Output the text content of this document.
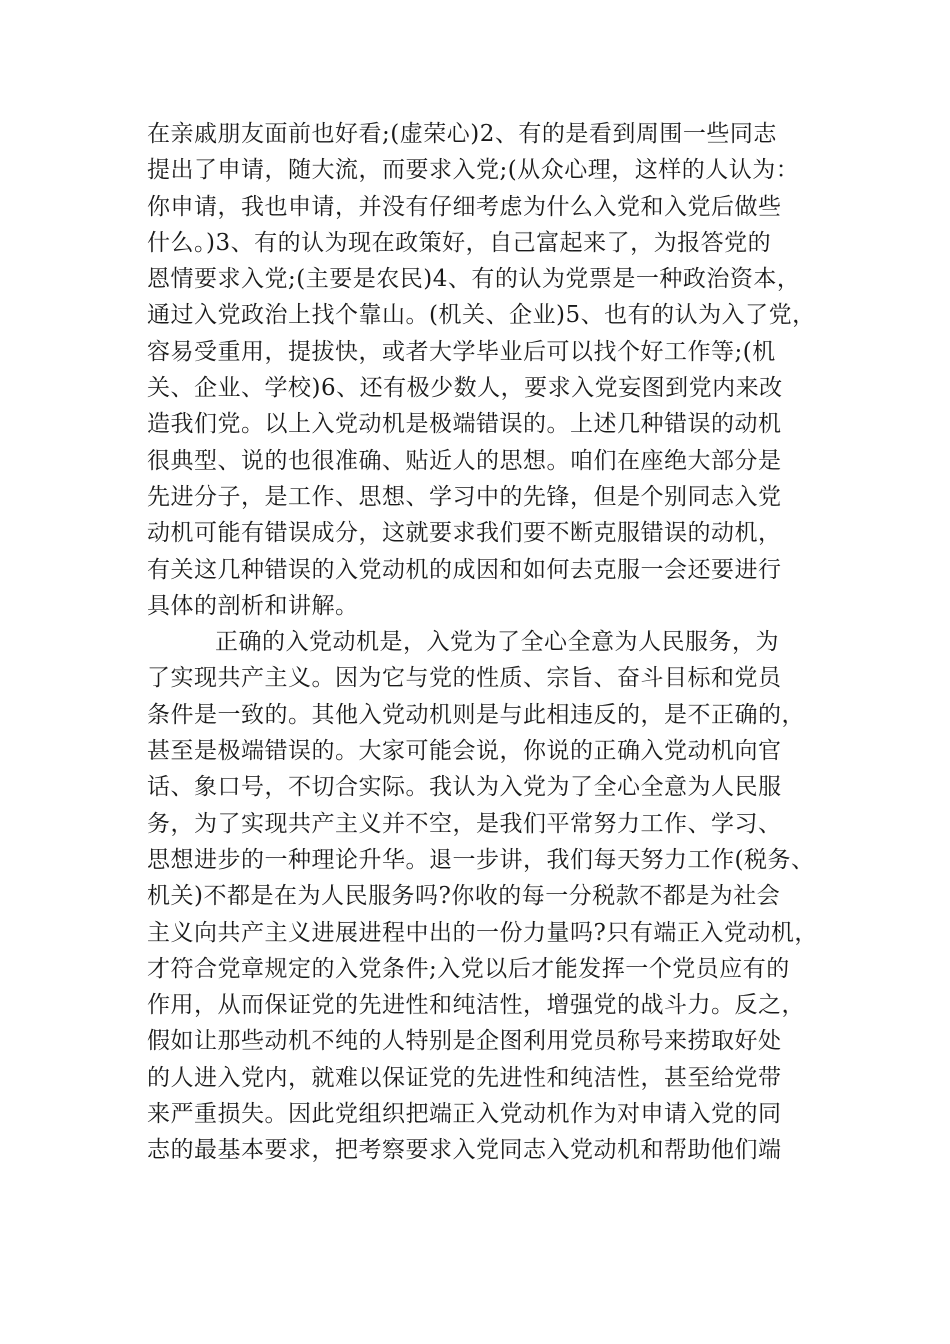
在亲戚朋友面前也好看;(虚荣心)2、有的是看到周围一些同志
提出了申请，随大流，而要求入党;(从众心理，这样的人认为：
你申请，我也申请，并没有仔细考虑为什么入党和入党后做些
什么。)3、有的认为现在政策好，自己富起来了，为报答党的
恩情要求入党;(主要是农民)4、有的认为党票是一种政治资本，
通过入党政治上找个靠山。(机关、企业)5、也有的认为入了党，
容易受重用，提拔快，或者大学毕业后可以找个好工作等;(机
关、企业、学校)6、还有极少数人，要求入党妄图到党内来改
造我们党。以上入党动机是极端错误的。上述几种错误的动机
很典型、说的也很准确、贴近人的思想。咱们在座绝大部分是
先进分子，是工作、思想、学习中的先锋，但是个别同志入党
动机可能有错误成分，这就要求我们要不断克服错误的动机，
有关这几种错误的入党动机的成因和如何去克服一会还要进行
具体的剖析和讲解。
正确的入党动机是，入党为了全心全意为人民服务，为
了实现共产主义。因为它与党的性质、宗旨、奋斗目标和党员
条件是一致的。其他入党动机则是与此相违反的，是不正确的，
甚至是极端错误的。大家可能会说，你说的正确入党动机向官
话、象口号，不切合实际。我认为入党为了全心全意为人民服
务，为了实现共产主义并不空，是我们平常努力工作、学习、
思想进步的一种理论升华。退一步讲，我们每天努力工作(税务、
机关)不都是在为人民服务吗?你收的每一分税款不都是为社会
主义向共产主义进展进程中出的一份力量吗?只有端正入党动机，
才符合党章规定的入党条件;入党以后才能发挥一个党员应有的
作用，从而保证党的先进性和纯洁性，增强党的战斗力。反之，
假如让那些动机不纯的人特别是企图利用党员称号来捞取好处
的人进入党内，就难以保证党的先进性和纯洁性，甚至给党带
来严重损失。因此党组织把端正入党动机作为对申请入党的同
志的最基本要求，把考察要求入党同志入党动机和帮助他们端
